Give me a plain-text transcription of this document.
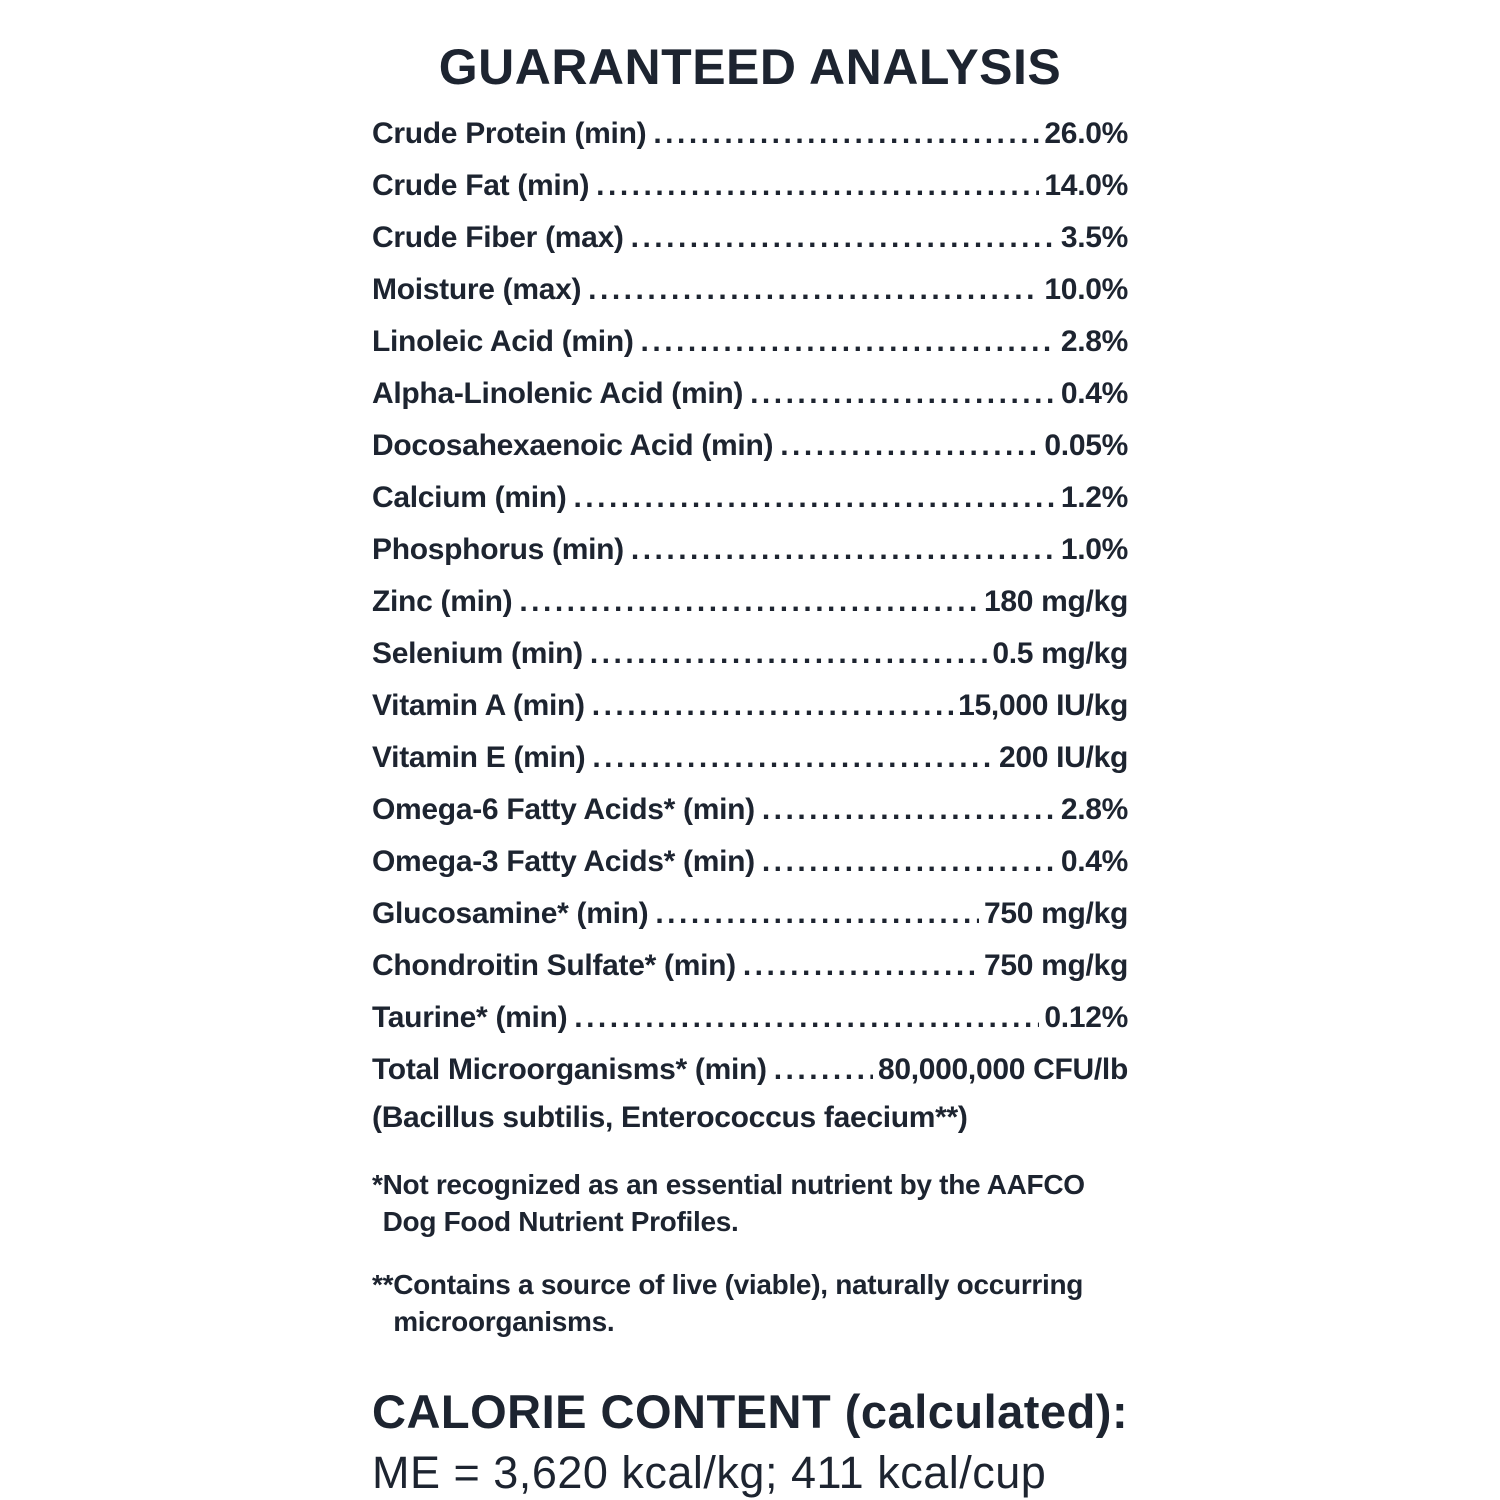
GUARANTEED ANALYSIS
Crude Protein (min) .....	26.0%
Crude Fat (min) .....	14.0%
Crude Fiber (max) .....	3.5%
Moisture (max) .....	10.0%
Linoleic Acid (min) .....	2.8%
Alpha-Linolenic Acid (min) .....	0.4%
Docosahexaenoic Acid (min) .....	0.05%
Calcium (min) .....	1.2%
Phosphorus (min) .....	1.0%
Zinc (min) .....	180 mg/kg
Selenium (min) .....	0.5 mg/kg
Vitamin A (min) .....	15,000 IU/kg
Vitamin E (min) .....	200 IU/kg
Omega-6 Fatty Acids* (min) .....	2.8%
Omega-3 Fatty Acids* (min) .....	0.4%
Glucosamine* (min) .....	750 mg/kg
Chondroitin Sulfate* (min) .....	750 mg/kg
Taurine* (min) .....	0.12%
Total Microorganisms* (min) .....	80,000,000 CFU/lb
(Bacillus subtilis, Enterococcus faecium**)
* Not recognized as an essential nutrient by the AAFCO Dog Food Nutrient Profiles.
** Contains a source of live (viable), naturally occurring microorganisms.
CALORIE CONTENT (calculated):
ME = 3,620 kcal/kg; 411 kcal/cup
